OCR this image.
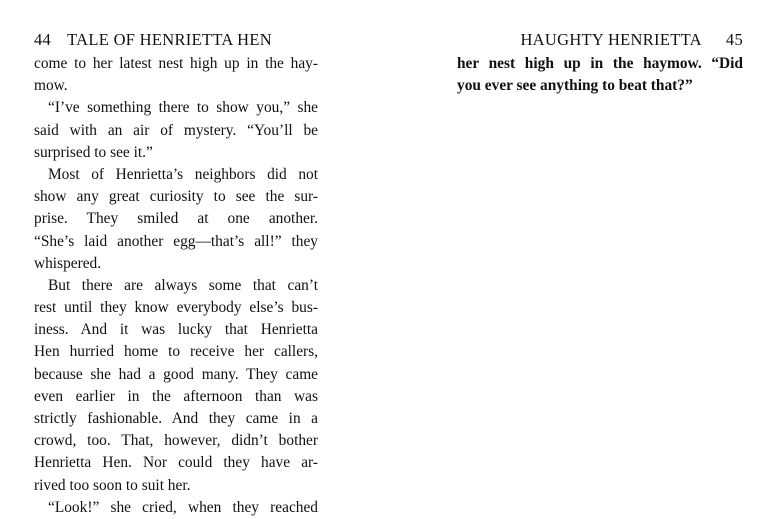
44 TALE OF HENRIETTA HEN
come to her latest nest high up in the hay-
mow.
“I’ve something there to show you,” she
said with an air of mystery. “You’ll be
surprised to see it.”
Most of Henrietta’s neighbors did not
show any great curiosity to see the sur-
prise. They smiled at one another.
“She’s laid another egg—that’s all!” they
whispered.
But there are always some that can’t
rest until they know everybody else’s bus-
iness. And it was lucky that Henrietta
Hen hurried home to receive her callers,
because she had a good many. They came
even earlier in the afternoon than was
strictly fashionable. And they came in a
crowd, too. That, however, didn’t bother
Henrietta Hen. Nor could they have ar-
rived too soon to suit her.
“Look!” she cried, when they reached
HAUGHTY HENRIETTA 45
her nest high up in the haymow. “Did
you ever see anything to beat that?”
